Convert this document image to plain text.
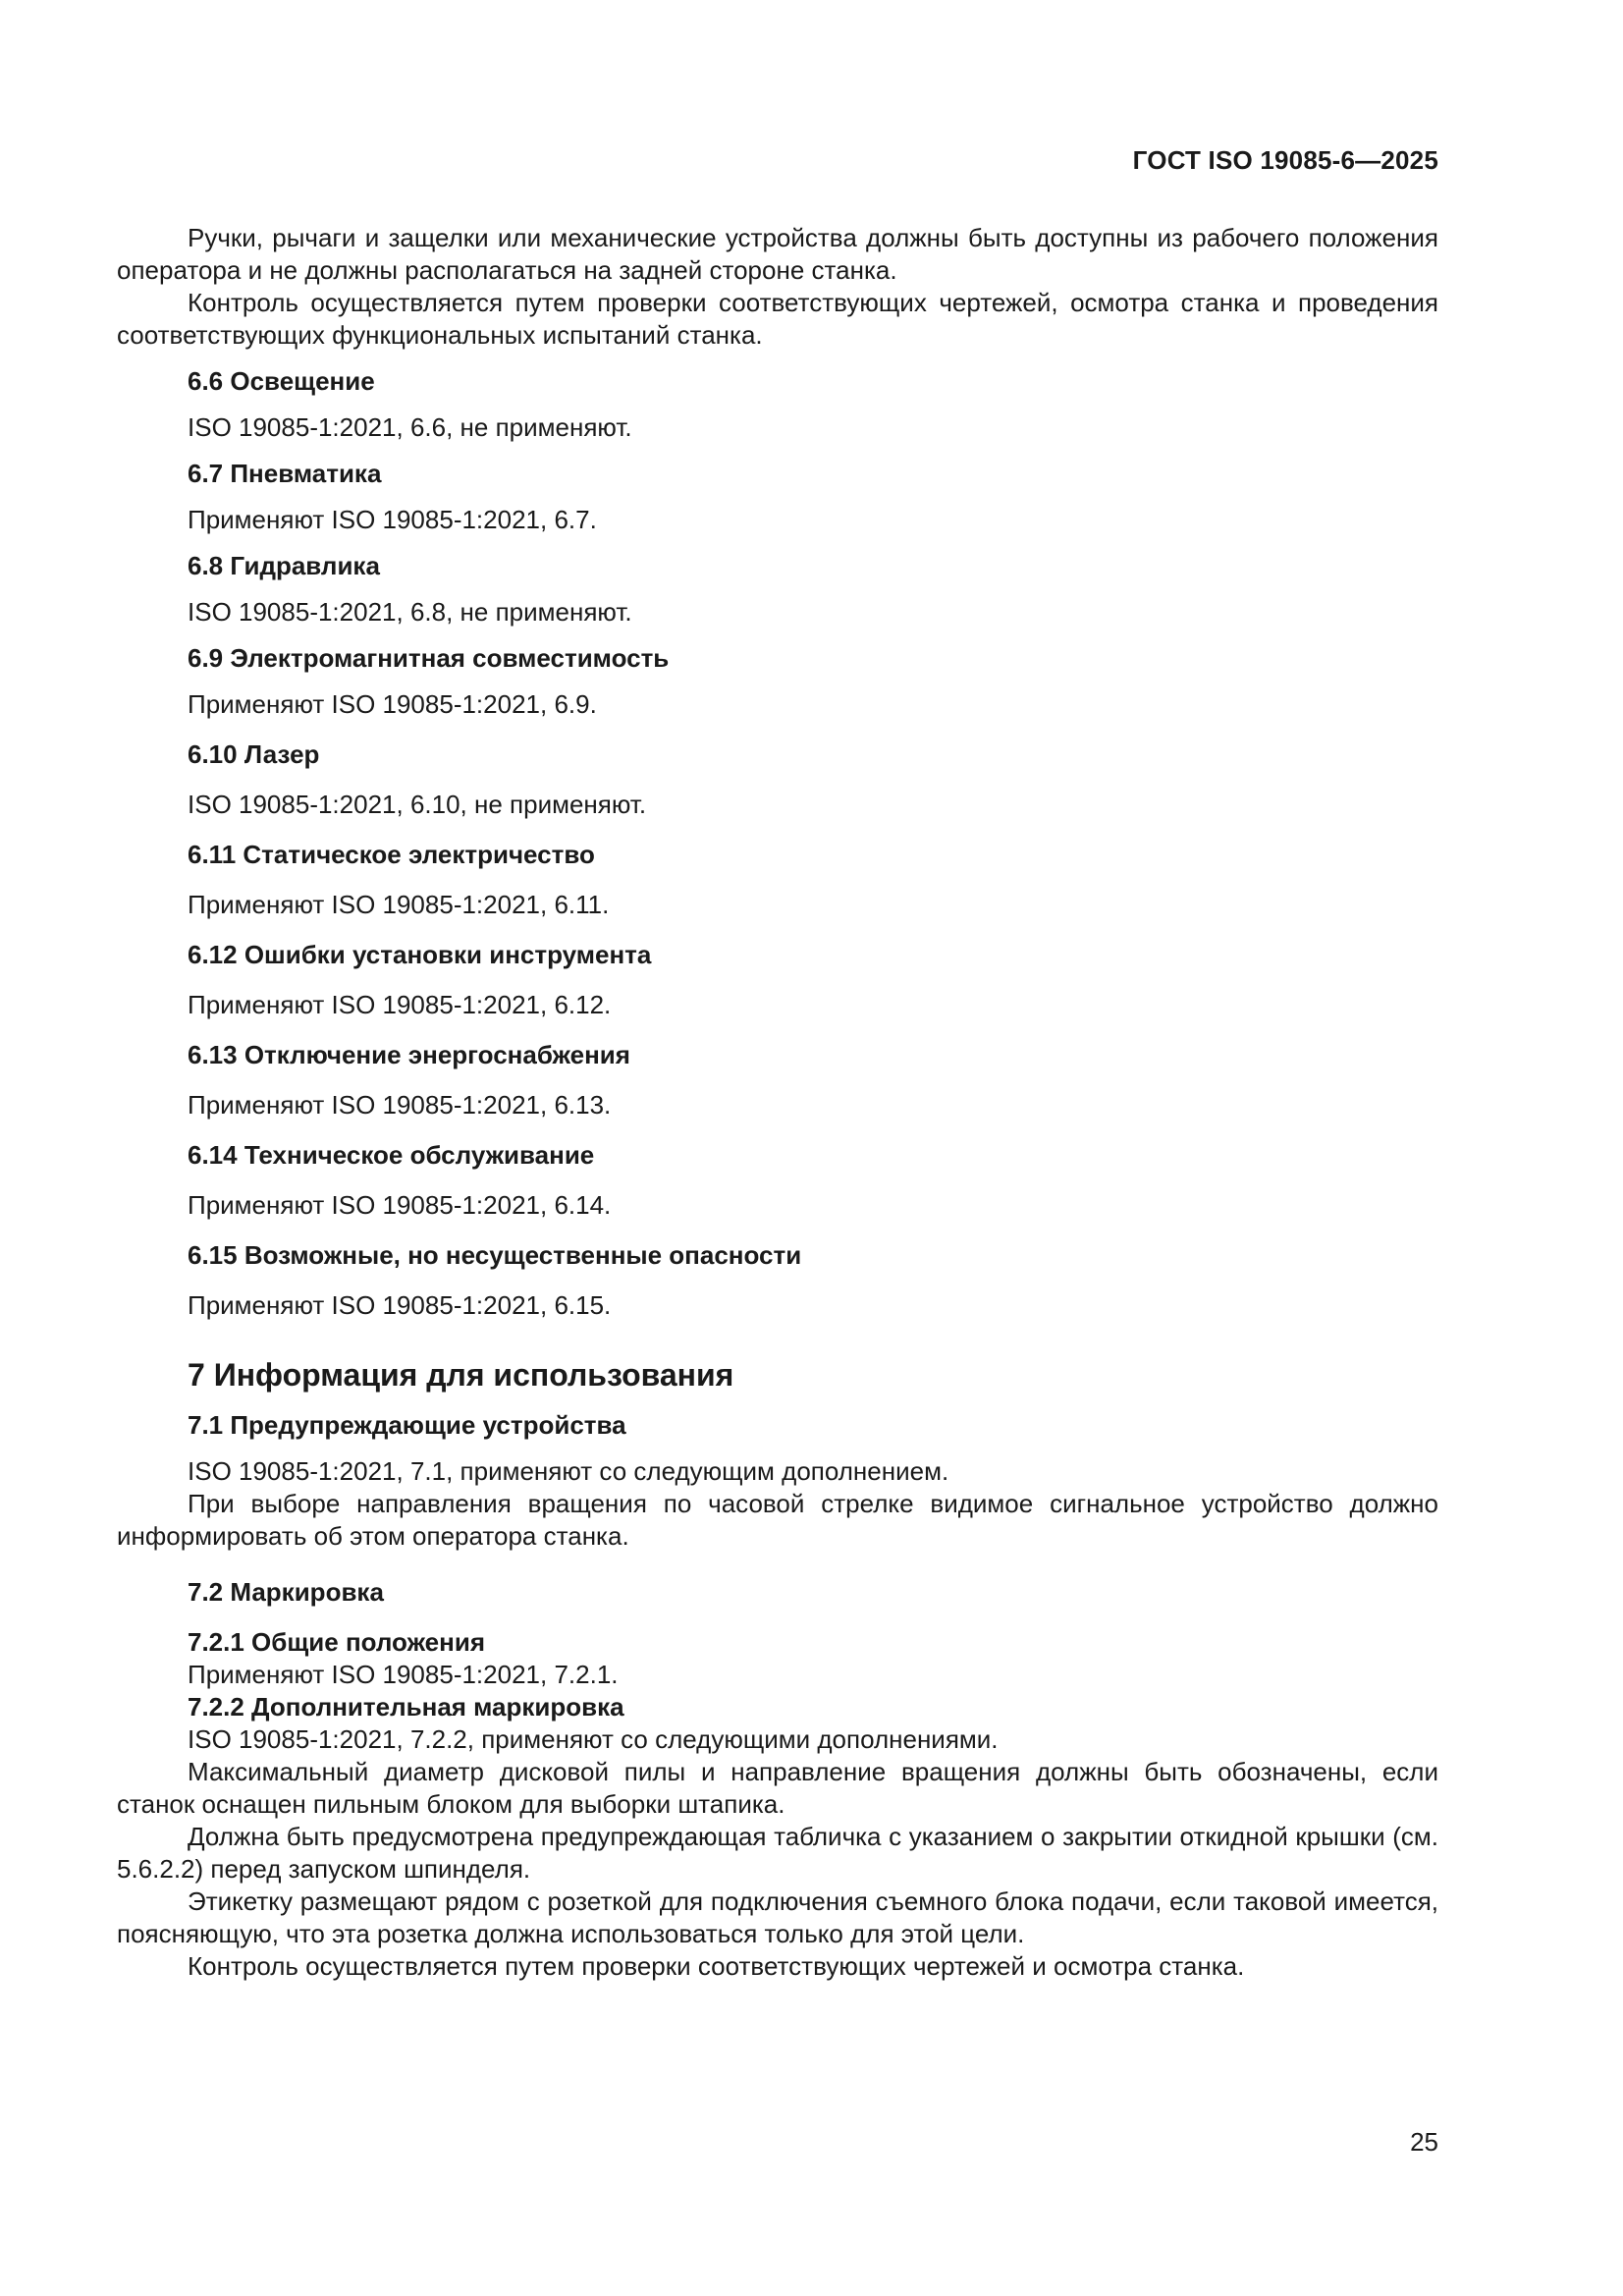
ГОСТ ISO 19085-6—2025

Ручки, рычаги и защелки или механические устройства должны быть доступны из рабочего положения оператора и не должны располагаться на задней стороне станка.

Контроль осуществляется путем проверки соответствующих чертежей, осмотра станка и проведения соответствующих функциональных испытаний станка.

6.6 Освещение

ISO 19085-1:2021, 6.6, не применяют.

6.7 Пневматика

Применяют ISO 19085-1:2021, 6.7.

6.8 Гидравлика

ISO 19085-1:2021, 6.8, не применяют.

6.9 Электромагнитная совместимость

Применяют ISO 19085-1:2021, 6.9.

6.10 Лазер

ISO 19085-1:2021, 6.10, не применяют.

6.11 Статическое электричество

Применяют ISO 19085-1:2021, 6.11.

6.12 Ошибки установки инструмента

Применяют ISO 19085-1:2021, 6.12.

6.13 Отключение энергоснабжения

Применяют ISO 19085-1:2021, 6.13.

6.14 Техническое обслуживание

Применяют ISO 19085-1:2021, 6.14.

6.15 Возможные, но несущественные опасности

Применяют ISO 19085-1:2021, 6.15.

7 Информация для использования
7.1 Предупреждающие устройства

ISO 19085-1:2021, 7.1, применяют со следующим дополнением.

При выборе направления вращения по часовой стрелке видимое сигнальное устройство должно информировать об этом оператора станка.

7.2 Маркировка
7.2.1 Общие положения

Применяют ISO 19085-1:2021, 7.2.1.

7.2.2 Дополнительная маркировка

ISO 19085-1:2021, 7.2.2, применяют со следующими дополнениями.

Максимальный диаметр дисковой пилы и направление вращения должны быть обозначены, если станок оснащен пильным блоком для выборки штапика.

Должна быть предусмотрена предупреждающая табличка с указанием о закрытии откидной крышки (см. 5.6.2.2) перед запуском шпинделя.

Этикетку размещают рядом с розеткой для подключения съемного блока подачи, если таковой имеется, поясняющую, что эта розетка должна использоваться только для этой цели.

Контроль осуществляется путем проверки соответствующих чертежей и осмотра станка.

25
